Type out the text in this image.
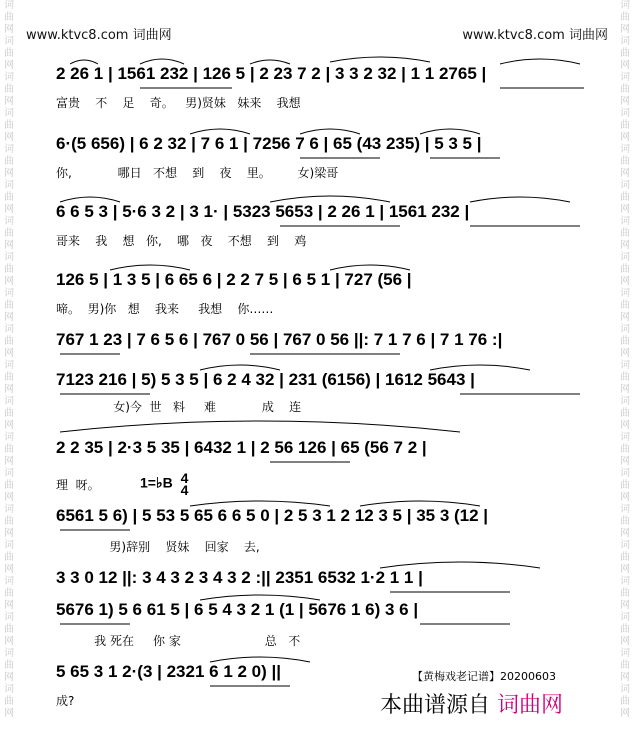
词曲网词曲网词曲网词曲网词曲网词曲网词曲网词曲网词曲网词曲网词曲网词曲网词曲网词曲网词曲网词曲网词曲网词曲网词曲网词曲网
词曲网词曲网词曲网词曲网词曲网词曲网词曲网词曲网词曲网词曲网词曲网词曲网词曲网词曲网词曲网词曲网词曲网词曲网词曲网词曲网
www.ktvc8.com 词曲网	www.ktvc8.com 词曲网
2 26 1 | 1561 232 | 126 5 | 2 23 7 2 | 3 3 2 32 | 1 1 2765 |
富贵    不    足    奇。   男)贤妹   妹来    我想
6·(5 656) | 6 2 32 | 7 6 1 | 7256 7 6 | 65 (43 235) | 5 3 5 |
你,            哪日   不想    到    夜    里。       女)梁哥
6 6 5 3 | 5·6 3 2 | 3 1· | 5323 5653 | 2 26 1 | 1561 232 |
哥来    我    想   你,    哪   夜    不想    到    鸡
126 5 | 1 3 5 | 6 65 6 | 2 2 7 5 | 6 5 1 | 727 (56 |
啼。  男)你   想    我来     我想    你……
767 1 23 | 7 6 5 6 | 767 0 56 | 767 0 56 ||: 7 1 7 6 | 7 1 76 :|
7123 216 | 5) 5 3 5 | 6 2 4 32 | 231 (6156) | 1612 5643 |
女)今  世   料     难            成    连
2 2 35 | 2·3 5 35 | 6432 1 | 2 56 126 | 65 (56 7 2 |
理  呀。	1=♭B 4
4
6561 5 6) | 5 53 5 65 6 6 5 0 | 2 5 3 1 2 12 3 5 | 35 3 (12 |
男)辞别    贤妹    回家    去,
3 3 0 12 ||: 3 4 3 2 3 4 3 2 :|| 2351 6532 1·2 1 1 |
5676 1) 5 6 61 5 | 6 5 4 3 2 1 (1 | 5676 1 6) 3 6 |
我 死在     你 家                      总   不
5 65 3 1 2·(3 | 2321 6 1 2 0) ||
成?
【黄梅戏老记谱】20200603
本曲谱源自 词曲网
